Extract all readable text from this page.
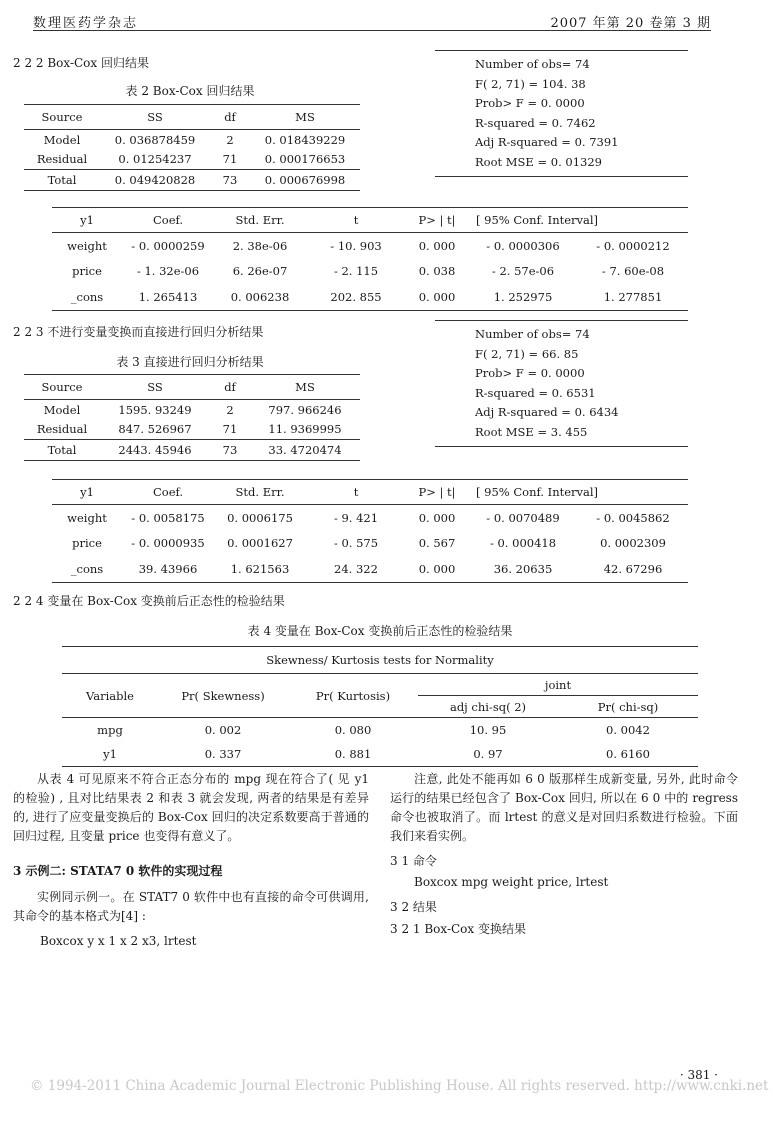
数理医药学杂志	2007 年第 20 卷第 3 期
2 2 2 Box-Cox 回归结果
表 2 Box-Cox 回归结果
Source	SS	df	MS
Model	0. 036878459	2	0. 018439229
Residual	0. 01254237	71	0. 000176653
Total	0. 049420828	73	0. 000676998
Number of obs= 74
F( 2, 71) = 104. 38
Prob> F = 0. 0000
R-squared = 0. 7462
Adj R-squared = 0. 7391
Root MSE = 0. 01329
y1	Coef.	Std. Err.	t	P> | t|	[ 95% Conf. Interval]	
weight	- 0. 0000259	2. 38e-06	- 10. 903	0. 000	- 0. 0000306	- 0. 0000212
price	- 1. 32e-06	6. 26e-07	- 2. 115	0. 038	- 2. 57e-06	- 7. 60e-08
_cons	1. 265413	0. 006238	202. 855	0. 000	1. 252975	1. 277851
2 2 3 不进行变量变换而直接进行回归分析结果
表 3 直接进行回归分析结果
Source	SS	df	MS
Model	1595. 93249	2	797. 966246
Residual	847. 526967	71	11. 9369995
Total	2443. 45946	73	33. 4720474
Number of obs= 74
F( 2, 71) = 66. 85
Prob> F = 0. 0000
R-squared = 0. 6531
Adj R-squared = 0. 6434
Root MSE = 3. 455
y1	Coef.	Std. Err.	t	P> | t|	[ 95% Conf. Interval]	
weight	- 0. 0058175	0. 0006175	- 9. 421	0. 000	- 0. 0070489	- 0. 0045862
price	- 0. 0000935	0. 0001627	- 0. 575	0. 567	- 0. 000418	0. 0002309
_cons	39. 43966	1. 621563	24. 322	0. 000	36. 20635	42. 67296
2 2 4 变量在 Box-Cox 变换前后正态性的检验结果
表 4 变量在 Box-Cox 变换前后正态性的检验结果
Skewness/ Kurtosis tests for Normality				
Variable	Pr( Skewness)	Pr( Kurtosis)	joint	
			adj chi-sq( 2)	Pr( chi-sq)
mpg	0. 002	0. 080	10. 95	0. 0042
y1	0. 337	0. 881	0. 97	0. 6160
从表 4 可见原来不符合正态分布的 mpg 现在符合了( 见 y1 的检验) , 且对比结果表 2 和表 3 就会发现, 两者的结果是有差异的, 进行了应变量变换后的 Box-Cox 回归的决定系数要高于普通的回归过程, 且变量 price 也变得有意义了。
3 示例二: STATA7 0 软件的实现过程
实例同示例一。在 STAT7 0 软件中也有直接的命令可供调用, 其命令的基本格式为[4] :
Boxcox y x 1 x 2 x3, lrtest
注意, 此处不能再如 6 0 版那样生成新变量, 另外, 此时命令运行的结果已经包含了 Box-Cox 回归, 所以在 6 0 中的 regress 命令也被取消了。而 lrtest 的意义是对回归系数进行检验。下面我们来看实例。
3 1 命令
Boxcox mpg weight price, lrtest
3 2 结果
3 2 1 Box-Cox 变换结果
· 381 ·
© 1994-2011 China Academic Journal Electronic Publishing House. All rights reserved. http://www.cnki.net
